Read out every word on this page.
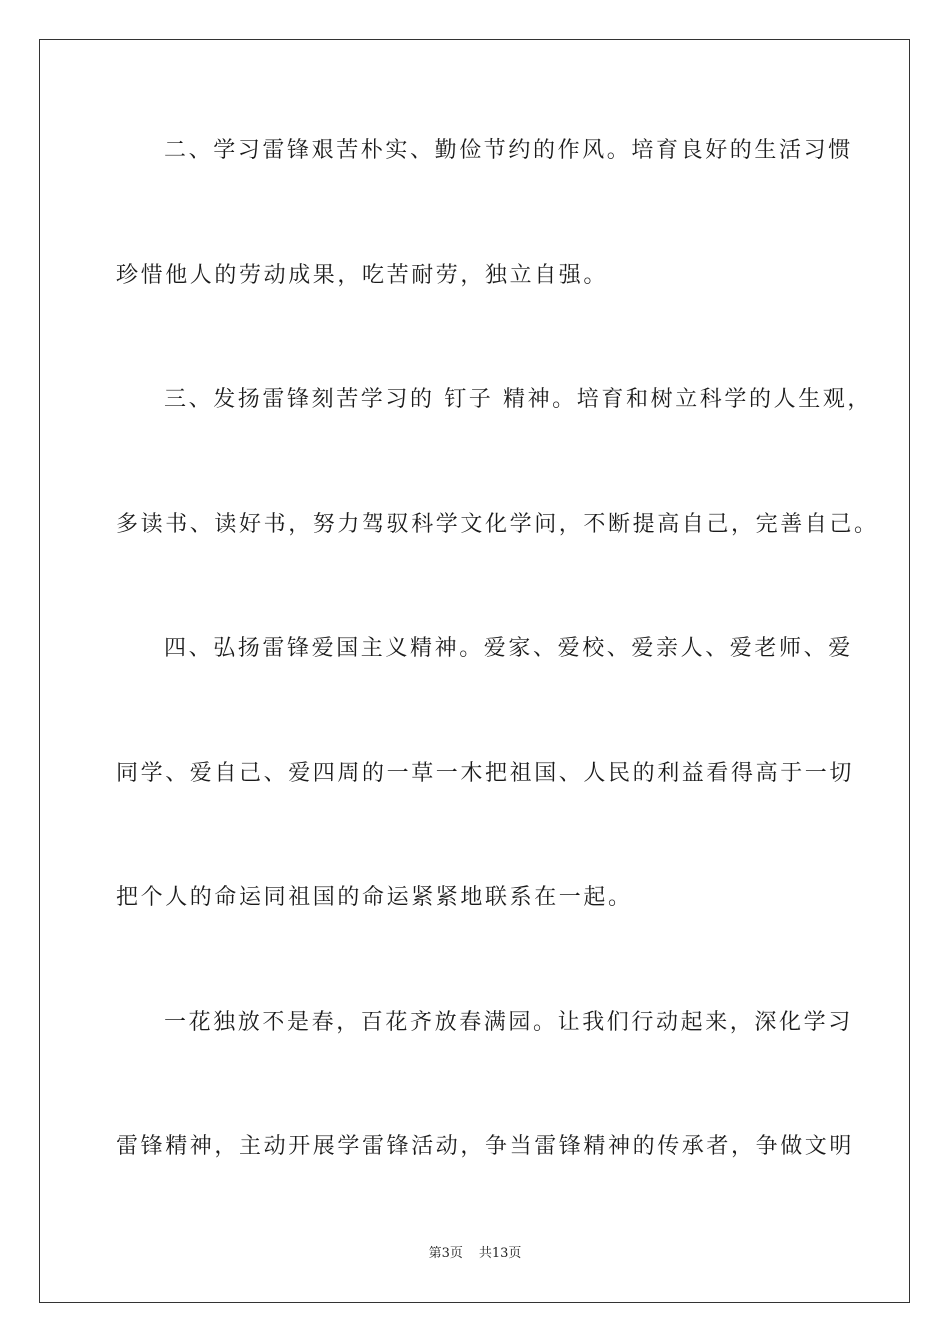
二、学习雷锋艰苦朴实、勤俭节约的作风。培育良好的生活习惯
珍惜他人的劳动成果，吃苦耐劳，独立自强。
三、发扬雷锋刻苦学习的 钉子 精神。培育和树立科学的人生观，
多读书、读好书，努力驾驭科学文化学问，不断提高自己，完善自己。
四、弘扬雷锋爱国主义精神。爱家、爱校、爱亲人、爱老师、爱
同学、爱自己、爱四周的一草一木把祖国、人民的利益看得高于一切
把个人的命运同祖国的命运紧紧地联系在一起。
一花独放不是春，百花齐放春满园。让我们行动起来，深化学习
雷锋精神，主动开展学雷锋活动，争当雷锋精神的传承者，争做文明
第3页 共13页
